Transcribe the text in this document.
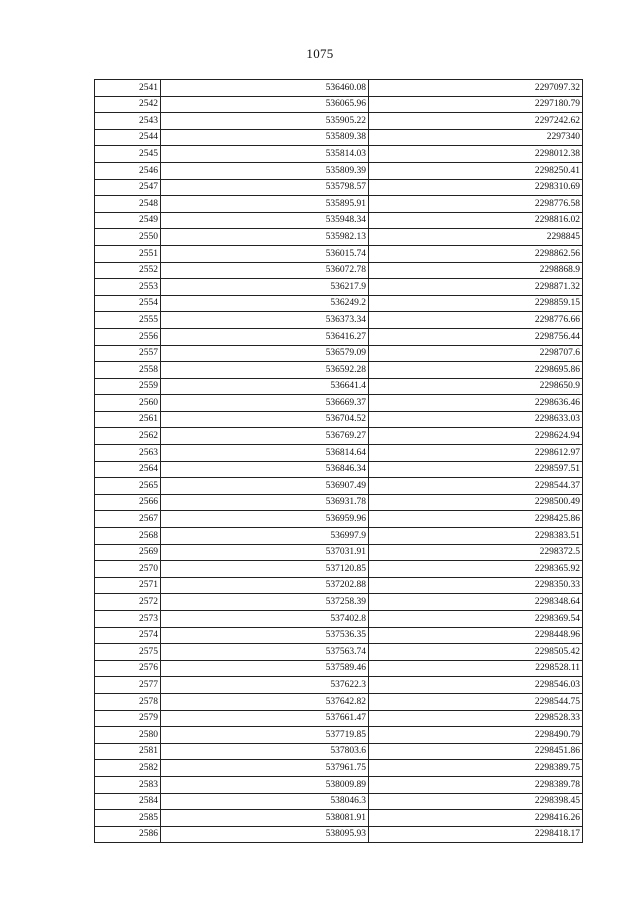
1075
2541	536460.08	2297097.32
2542	536065.96	2297180.79
2543	535905.22	2297242.62
2544	535809.38	2297340
2545	535814.03	2298012.38
2546	535809.39	2298250.41
2547	535798.57	2298310.69
2548	535895.91	2298776.58
2549	535948.34	2298816.02
2550	535982.13	2298845
2551	536015.74	2298862.56
2552	536072.78	2298868.9
2553	536217.9	2298871.32
2554	536249.2	2298859.15
2555	536373.34	2298776.66
2556	536416.27	2298756.44
2557	536579.09	2298707.6
2558	536592.28	2298695.86
2559	536641.4	2298650.9
2560	536669.37	2298636.46
2561	536704.52	2298633.03
2562	536769.27	2298624.94
2563	536814.64	2298612.97
2564	536846.34	2298597.51
2565	536907.49	2298544.37
2566	536931.78	2298500.49
2567	536959.96	2298425.86
2568	536997.9	2298383.51
2569	537031.91	2298372.5
2570	537120.85	2298365.92
2571	537202.88	2298350.33
2572	537258.39	2298348.64
2573	537402.8	2298369.54
2574	537536.35	2298448.96
2575	537563.74	2298505.42
2576	537589.46	2298528.11
2577	537622.3	2298546.03
2578	537642.82	2298544.75
2579	537661.47	2298528.33
2580	537719.85	2298490.79
2581	537803.6	2298451.86
2582	537961.75	2298389.75
2583	538009.89	2298389.78
2584	538046.3	2298398.45
2585	538081.91	2298416.26
2586	538095.93	2298418.17
